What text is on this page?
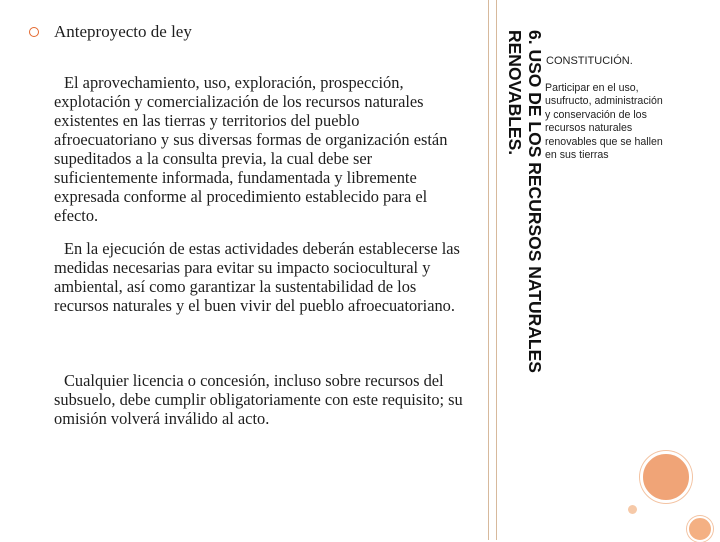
Anteproyecto de ley
El aprovechamiento, uso, exploración, prospección, explotación y comercialización de los recursos naturales existentes en las tierras y territorios del pueblo afroecuatoriano y sus diversas formas de organización están supeditados a la consulta previa, la cual debe ser suficientemente informada, fundamentada y libremente expresada conforme al procedimiento establecido para el efecto.
En la ejecución de estas actividades deberán establecerse las medidas necesarias para evitar su impacto sociocultural y ambiental, así como garantizar la sustentabilidad de los recursos naturales y el buen vivir del pueblo afroecuatoriano.
Cualquier licencia o concesión, incluso sobre recursos del subsuelo, debe cumplir obligatoriamente con este requisito; su omisión volverá inválido al acto.
6. USO DE LOS RECURSOS NATURALES
RENOVABLES. CONSTITUCIÓN.
Participar en el uso, usufructo, administración y conservación de los recursos naturales renovables que se hallen en sus tierras
